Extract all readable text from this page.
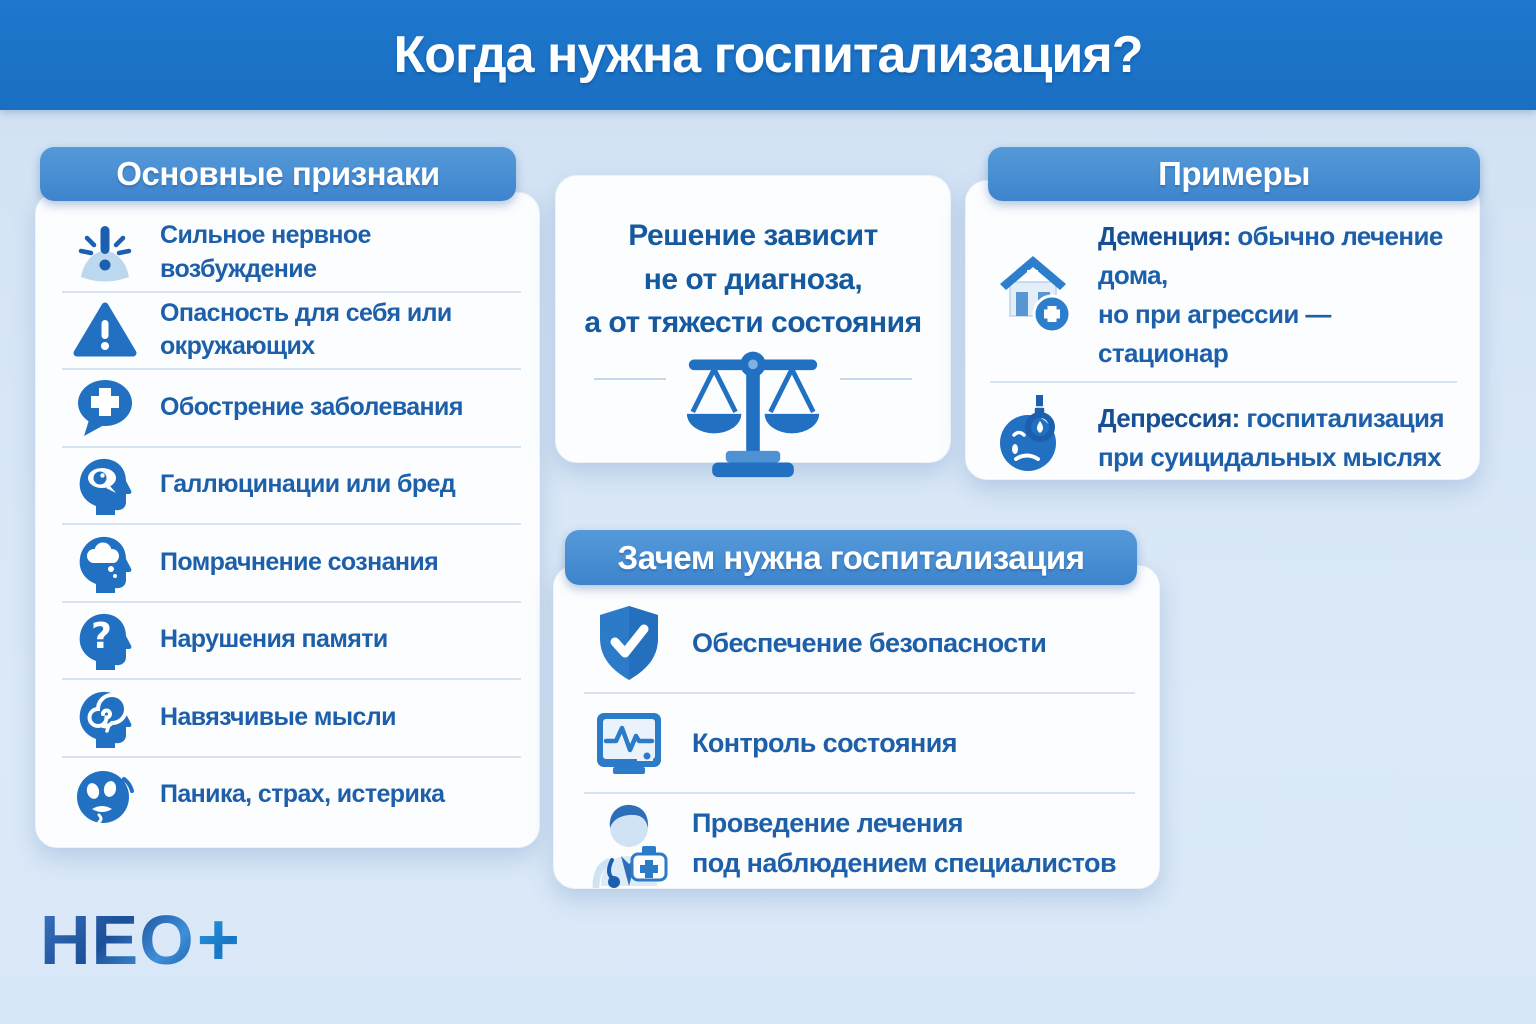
Когда нужна госпитализация?
Сильное нервное возбуждение
Опасность для себя или окружающих
Обострение заболевания
Галлюцинации или бред
Помрачнение сознания
? Нарушения памяти
Навязчивые мысли
Паника, страх, истерика
Основные признаки
Решение зависит
не от диагноза,
а от тяжести состояния
Деменция: обычно лечение дома,
но при агрессии — стационар
Депрессия: госпитализация
при суицидальных мыслях
Примеры
Обеспечение безопасности
Контроль состояния
Проведение лечения
под наблюдением специалистов
Зачем нужна госпитализация
НЕО +
